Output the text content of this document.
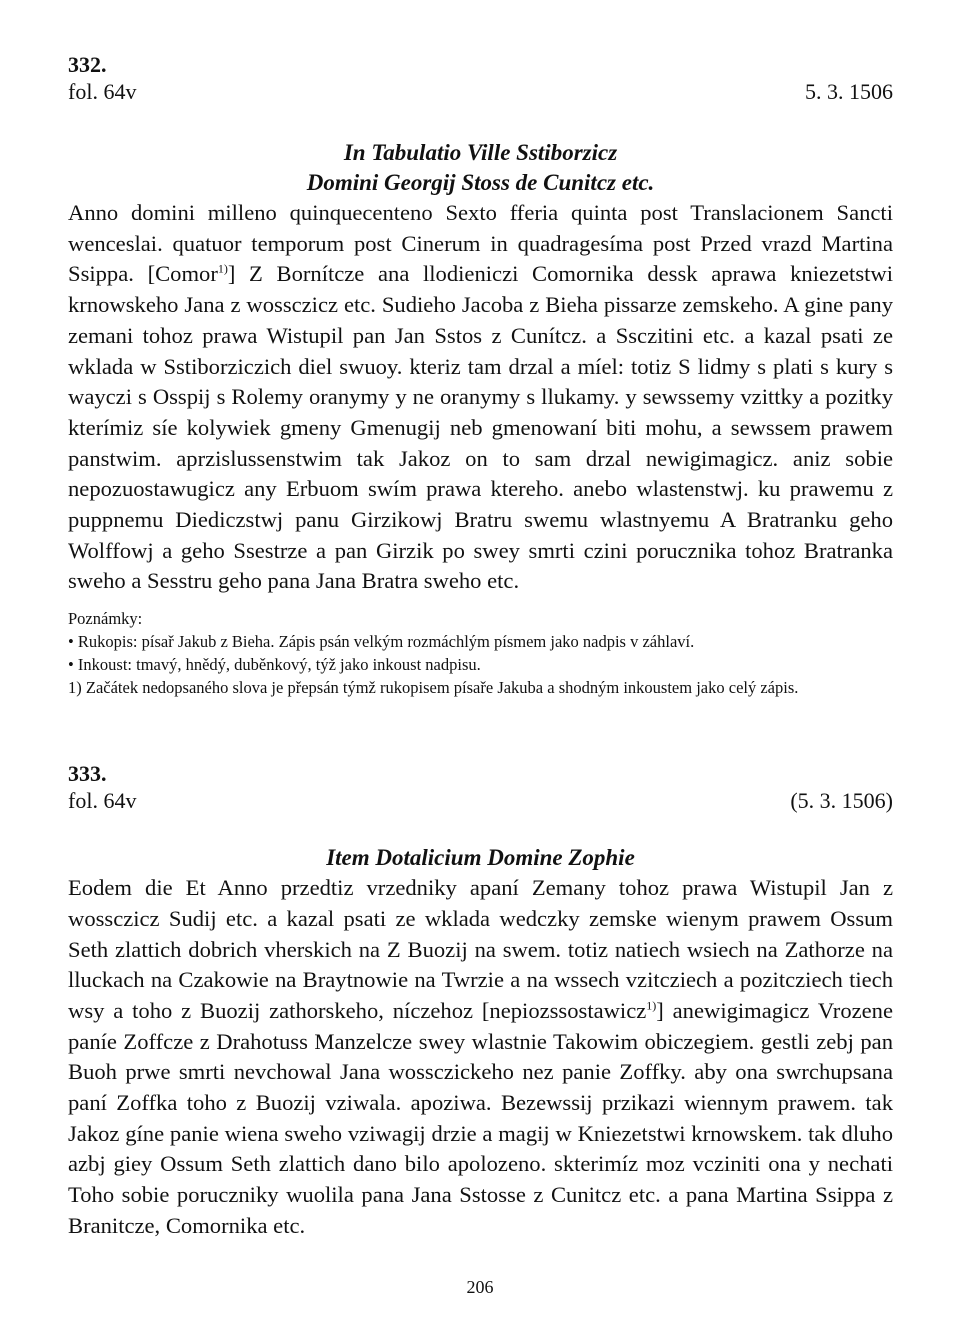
332.
fol. 64v	5. 3. 1506
In Tabulatio Ville Sstiborzicz
Domini Georgij Stoss de Cunitcz etc.

Anno domini milleno quinquecenteno Sexto fferia quinta post Translacionem Sancti wenceslai. quatuor temporum post Cinerum in quadragesíma post Przed vrazd Martina Ssippa. [Comor$^{1)}$] Z Bornítcze ana llodieniczi Comornika dessk aprawa kniezetstwi krnowskeho Jana z wossczicz etc. Sudieho Jacoba z Bieha pissarze zemskeho. A gine pany zemani tohoz prawa Wistupil pan Jan Sstos z Cunítcz. a Ssczitini etc. a kazal psati ze wklada w Sstiborziczich diel swuoy. kteriz tam drzal a míel: totiz S lidmy s plati s kury s wayczi s Osspij s Rolemy oranymy y ne oranymy s llukamy. y sewssemy vzittky a pozitky kterímiz síe kolywiek gmeny Gmenugij neb gmenowaní biti mohu, a sewssem prawem panstwim. aprzislussenstwim tak Jakoz on to sam drzal newigimagicz. aniz sobie nepozuostawugicz any Erbuom swím prawa ktereho. anebo wlastenstwj. ku prawemu z puppnemu Diediczstwj panu Girzikowj Bratru swemu wlastnyemu A Bratranku geho Wolffowj a geho Ssestrze a pan Girzik po swey smrti czini porucznika tohoz Bratranka sweho a Sesstru geho pana Jana Bratra sweho etc.

Poznámky:
• Rukopis: písař Jakub z Bieha. Zápis psán velkým rozmáchlým písmem jako nadpis v záhlaví.
• Inkoust: tmavý, hnědý, duběnkový, týž jako inkoust nadpisu.
1) Začátek nedopsaného slova je přepsán týmž rukopisem písaře Jakuba a shodným inkoustem jako celý zápis.
333.
fol. 64v	(5. 3. 1506)
Item Dotalicium Domine Zophie

Eodem die Et Anno przedtiz vrzedniky apaní Zemany tohoz prawa Wistupil Jan z wossczicz Sudij etc. a kazal psati ze wklada wedczky zemske wienym prawem Ossum Seth zlattich dobrich vherskich na Z Buozij na swem. totiz natiech wsiech na Zathorze na lluckach na Czakowie na Braytnowie na Twrzie a na wssech vzitcziech a pozitcziech tiech wsy a toho z Buozij zathorskeho, níczehoz [nepiozssostawicz$^{1)}$] anewigimagicz Vrozene paníe Zoffcze z Drahotuss Manzelcze swey wlastnie Takowim obiczegiem. gestli zebj pan Buoh prwe smrti nevchowal Jana wossczickeho nez panie Zoffky. aby ona swrchupsana paní Zoffka toho z Buozij vziwala. apoziwa. Bezewssij przikazi wiennym prawem. tak Jakoz gíne panie wiena sweho vziwagij drzie a magij w Kniezetstwi krnowskem. tak dluho azbj giey Ossum Seth zlattich dano bilo apolozeno. skterimíz moz vcziniti ona y nechati Toho sobie poruczniky wuolila pana Jana Sstosse z Cunitcz etc. a pana Martina Ssippa z Branitcze, Comornika etc.

206
